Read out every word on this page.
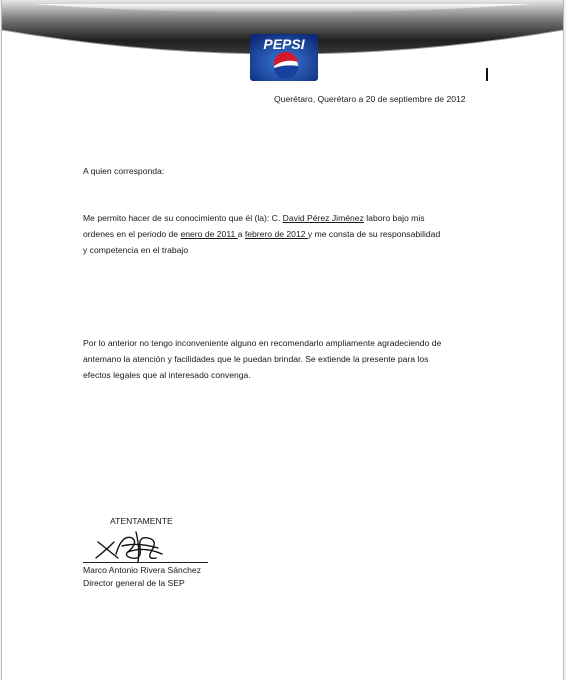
PEPSI
Querétaro, Querétaro a 20 de septiembre de 2012
A quien corresponda:
Me permito hacer de su conocimiento que él (la): C. David Pérez Jiménez laboro bajo mis
ordenes en el periodo de enero de 2011 a febrero de 2012 y me consta de su responsabilidad
y competencia en el trabajo
Por lo anterior no tengo inconveniente alguno en recomendarlo ampliamente agradeciendo de
antemano la atención y facilidades que le puedan brindar. Se extiende la presente para los
efectos legales que al interesado convenga.
ATENTAMENTE
Marco Antonio Rivera Sánchez
Director general de la SEP
